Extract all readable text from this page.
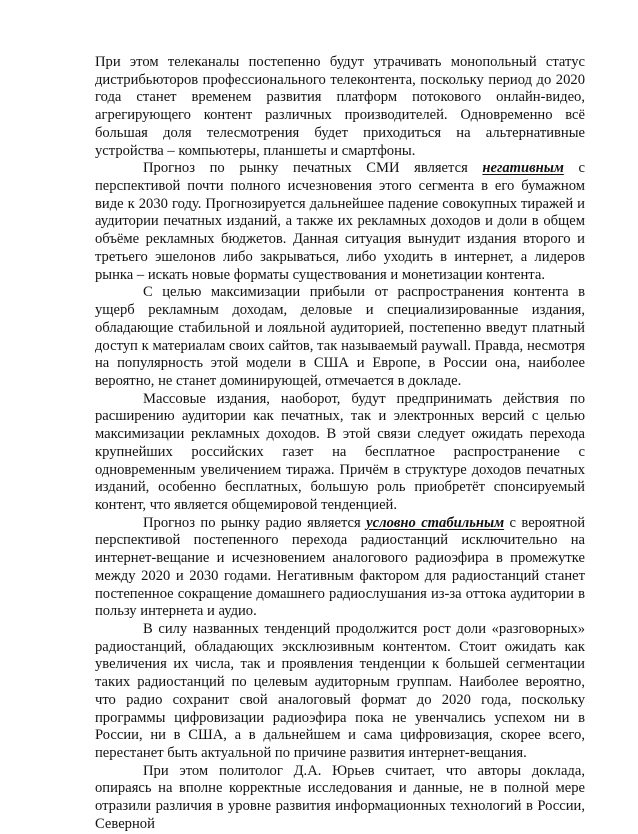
При этом телеканалы постепенно будут утрачивать монопольный статус дистрибьюторов профессионального телеконтента, поскольку период до 2020 года станет временем развития платформ потокового онлайн-видео, агрегирующего контент различных производителей. Одновременно всё большая доля телесмотрения будет приходиться на альтернативные устройства – компьютеры, планшеты и смартфоны.

Прогноз по рынку печатных СМИ является негативным с перспективой почти полного исчезновения этого сегмента в его бумажном виде к 2030 году. Прогнозируется дальнейшее падение совокупных тиражей и аудитории печатных изданий, а также их рекламных доходов и доли в общем объёме рекламных бюджетов. Данная ситуация вынудит издания второго и третьего эшелонов либо закрываться, либо уходить в интернет, а лидеров рынка – искать новые форматы существования и монетизации контента.

С целью максимизации прибыли от распространения контента в ущерб рекламным доходам, деловые и специализированные издания, обладающие стабильной и лояльной аудиторией, постепенно введут платный доступ к материалам своих сайтов, так называемый paywall. Правда, несмотря на популярность этой модели в США и Европе, в России она, наиболее вероятно, не станет доминирующей, отмечается в докладе.

Массовые издания, наоборот, будут предпринимать действия по расширению аудитории как печатных, так и электронных версий с целью максимизации рекламных доходов. В этой связи следует ожидать перехода крупнейших российских газет на бесплатное распространение с одновременным увеличением тиража. Причём в структуре доходов печатных изданий, особенно бесплатных, большую роль приобретёт спонсируемый контент, что является общемировой тенденцией.

Прогноз по рынку радио является условно стабильным с вероятной перспективой постепенного перехода радиостанций исключительно на интернет-вещание и исчезновением аналогового радиоэфира в промежутке между 2020 и 2030 годами. Негативным фактором для радиостанций станет постепенное сокращение домашнего радиослушания из-за оттока аудитории в пользу интернета и аудио.

В силу названных тенденций продолжится рост доли «разговорных» радиостанций, обладающих эксклюзивным контентом. Стоит ожидать как увеличения их числа, так и проявления тенденции к большей сегментации таких радиостанций по целевым аудиторным группам. Наиболее вероятно, что радио сохранит свой аналоговый формат до 2020 года, поскольку программы цифровизации радиоэфира пока не увенчались успехом ни в России, ни в США, а в дальнейшем и сама цифровизация, скорее всего, перестанет быть актуальной по причине развития интернет-вещания.

При этом политолог Д.А. Юрьев считает, что авторы доклада, опираясь на вполне корректные исследования и данные, не в полной мере отразили различия в уровне развития информационных технологий в России, Северной
